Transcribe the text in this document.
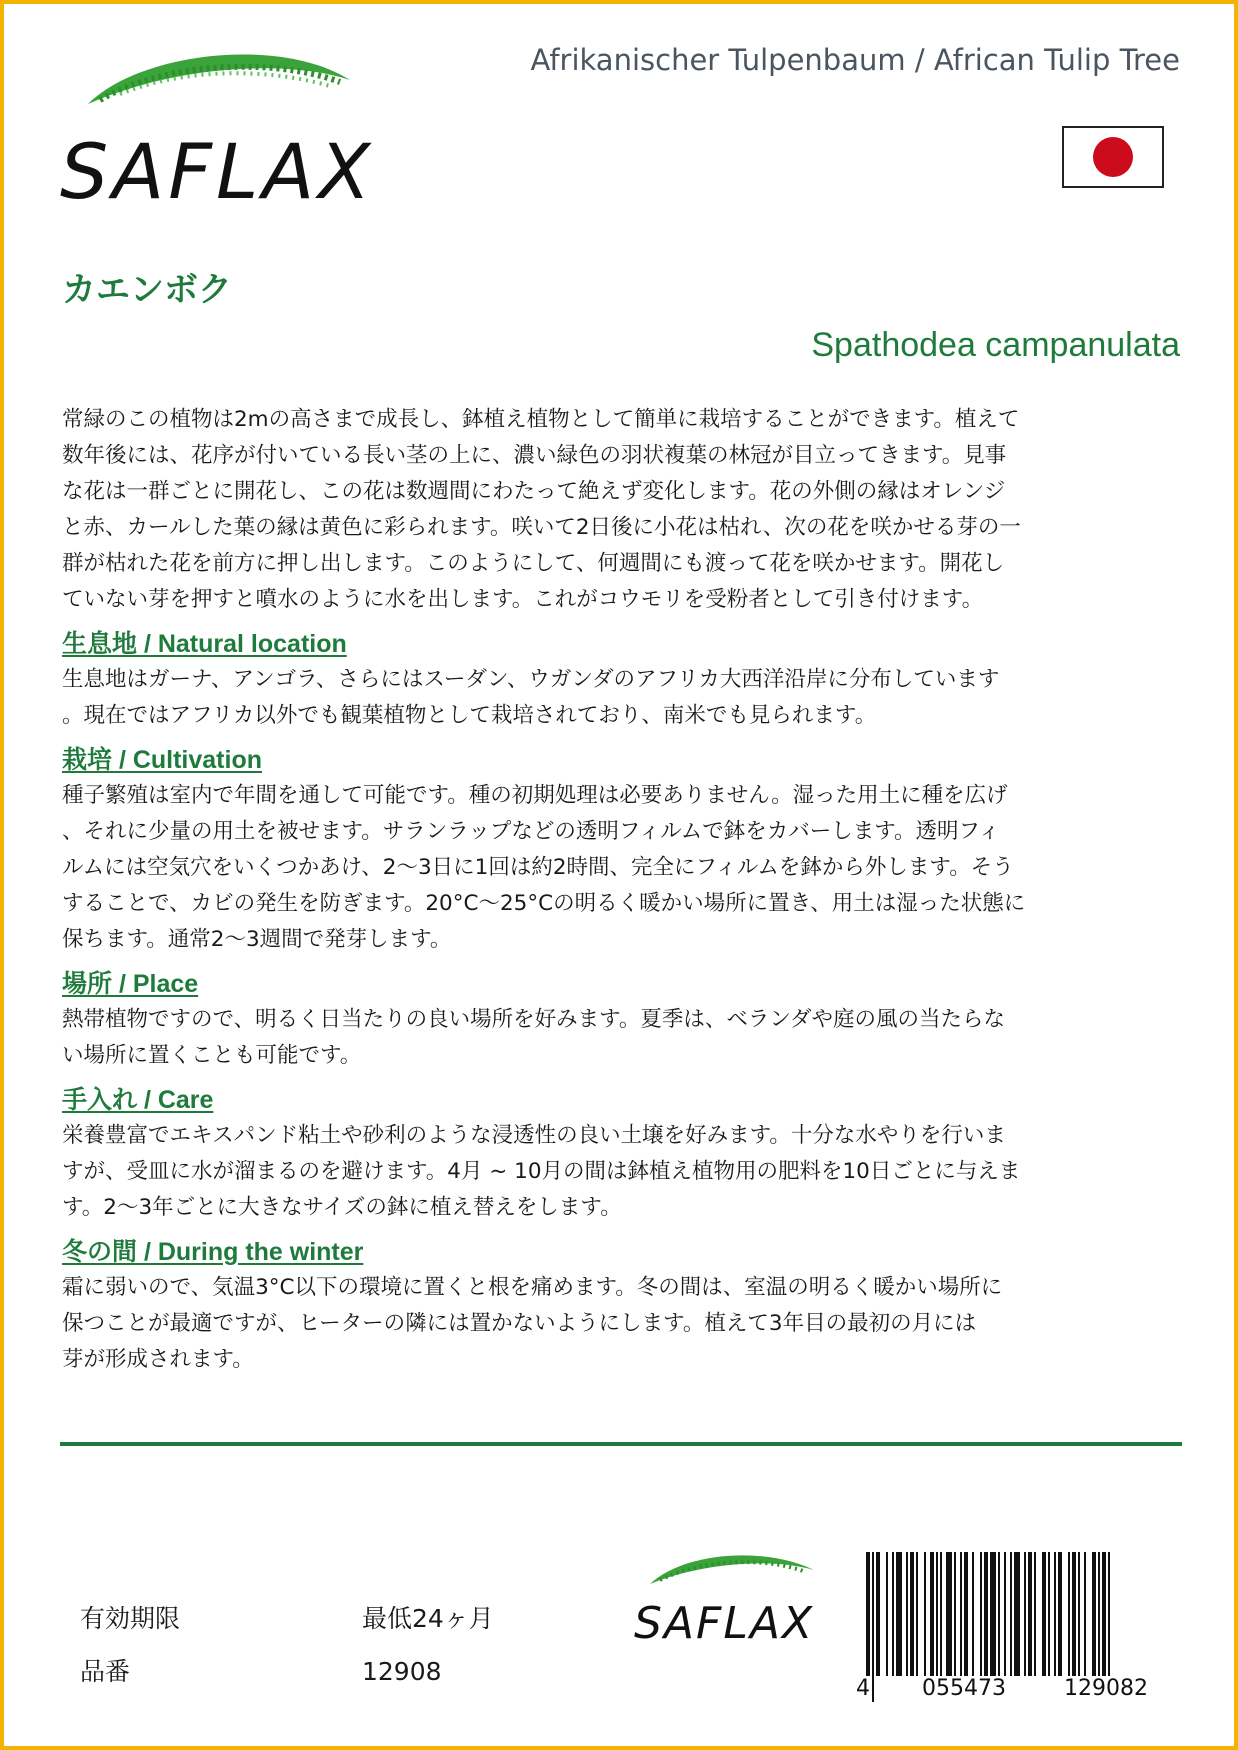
SAFLAX
Afrikanischer Tulpenbaum / African Tulip Tree
カエンボク
Spathodea campanulata

常緑のこの植物は2mの高さまで成長し、鉢植え植物として簡単に栽培することができます。植えて
数年後には、花序が付いている長い茎の上に、濃い緑色の羽状複葉の林冠が目立ってきます。見事
な花は一群ごとに開花し、この花は数週間にわたって絶えず変化します。花の外側の縁はオレンジ
と赤、カールした葉の縁は黄色に彩られます。咲いて2日後に小花は枯れ、次の花を咲かせる芽の一
群が枯れた花を前方に押し出します。このようにして、何週間にも渡って花を咲かせます。開花し
ていない芽を押すと噴水のように水を出します。これがコウモリを受粉者として引き付けます。

生息地 / Natural location

生息地はガーナ、アンゴラ、さらにはスーダン、ウガンダのアフリカ大西洋沿岸に分布しています
。現在ではアフリカ以外でも観葉植物として栽培されており、南米でも見られます。

栽培 / Cultivation

種子繁殖は室内で年間を通して可能です。種の初期処理は必要ありません。湿った用土に種を広げ
、それに少量の用土を被せます。サランラップなどの透明フィルムで鉢をカバーします。透明フィ
ルムには空気穴をいくつかあけ、2～3日に1回は約2時間、完全にフィルムを鉢から外します。そう
することで、カビの発生を防ぎます。20°C〜25°Cの明るく暖かい場所に置き、用土は湿った状態に
保ちます。通常2～3週間で発芽します。

場所 / Place

熱帯植物ですので、明るく日当たりの良い場所を好みます。夏季は、ベランダや庭の風の当たらな
い場所に置くことも可能です。

手入れ / Care

栄養豊富でエキスパンド粘土や砂利のような浸透性の良い土壌を好みます。十分な水やりを行いま
すが、受皿に水が溜まるのを避けます。4月 ~ 10月の間は鉢植え植物用の肥料を10日ごとに与えま
す。2〜3年ごとに大きなサイズの鉢に植え替えをします。

冬の間 / During the winter

霜に弱いので、気温3°C以下の環境に置くと根を痛めます。冬の間は、室温の明るく暖かい場所に
保つことが最適ですが、ヒーターの隣には置かないようにします。植えて3年目の最初の月には
芽が形成されます。

有効期限	最低24ヶ月
品番	12908
SAFLAX
4 055473	129082
